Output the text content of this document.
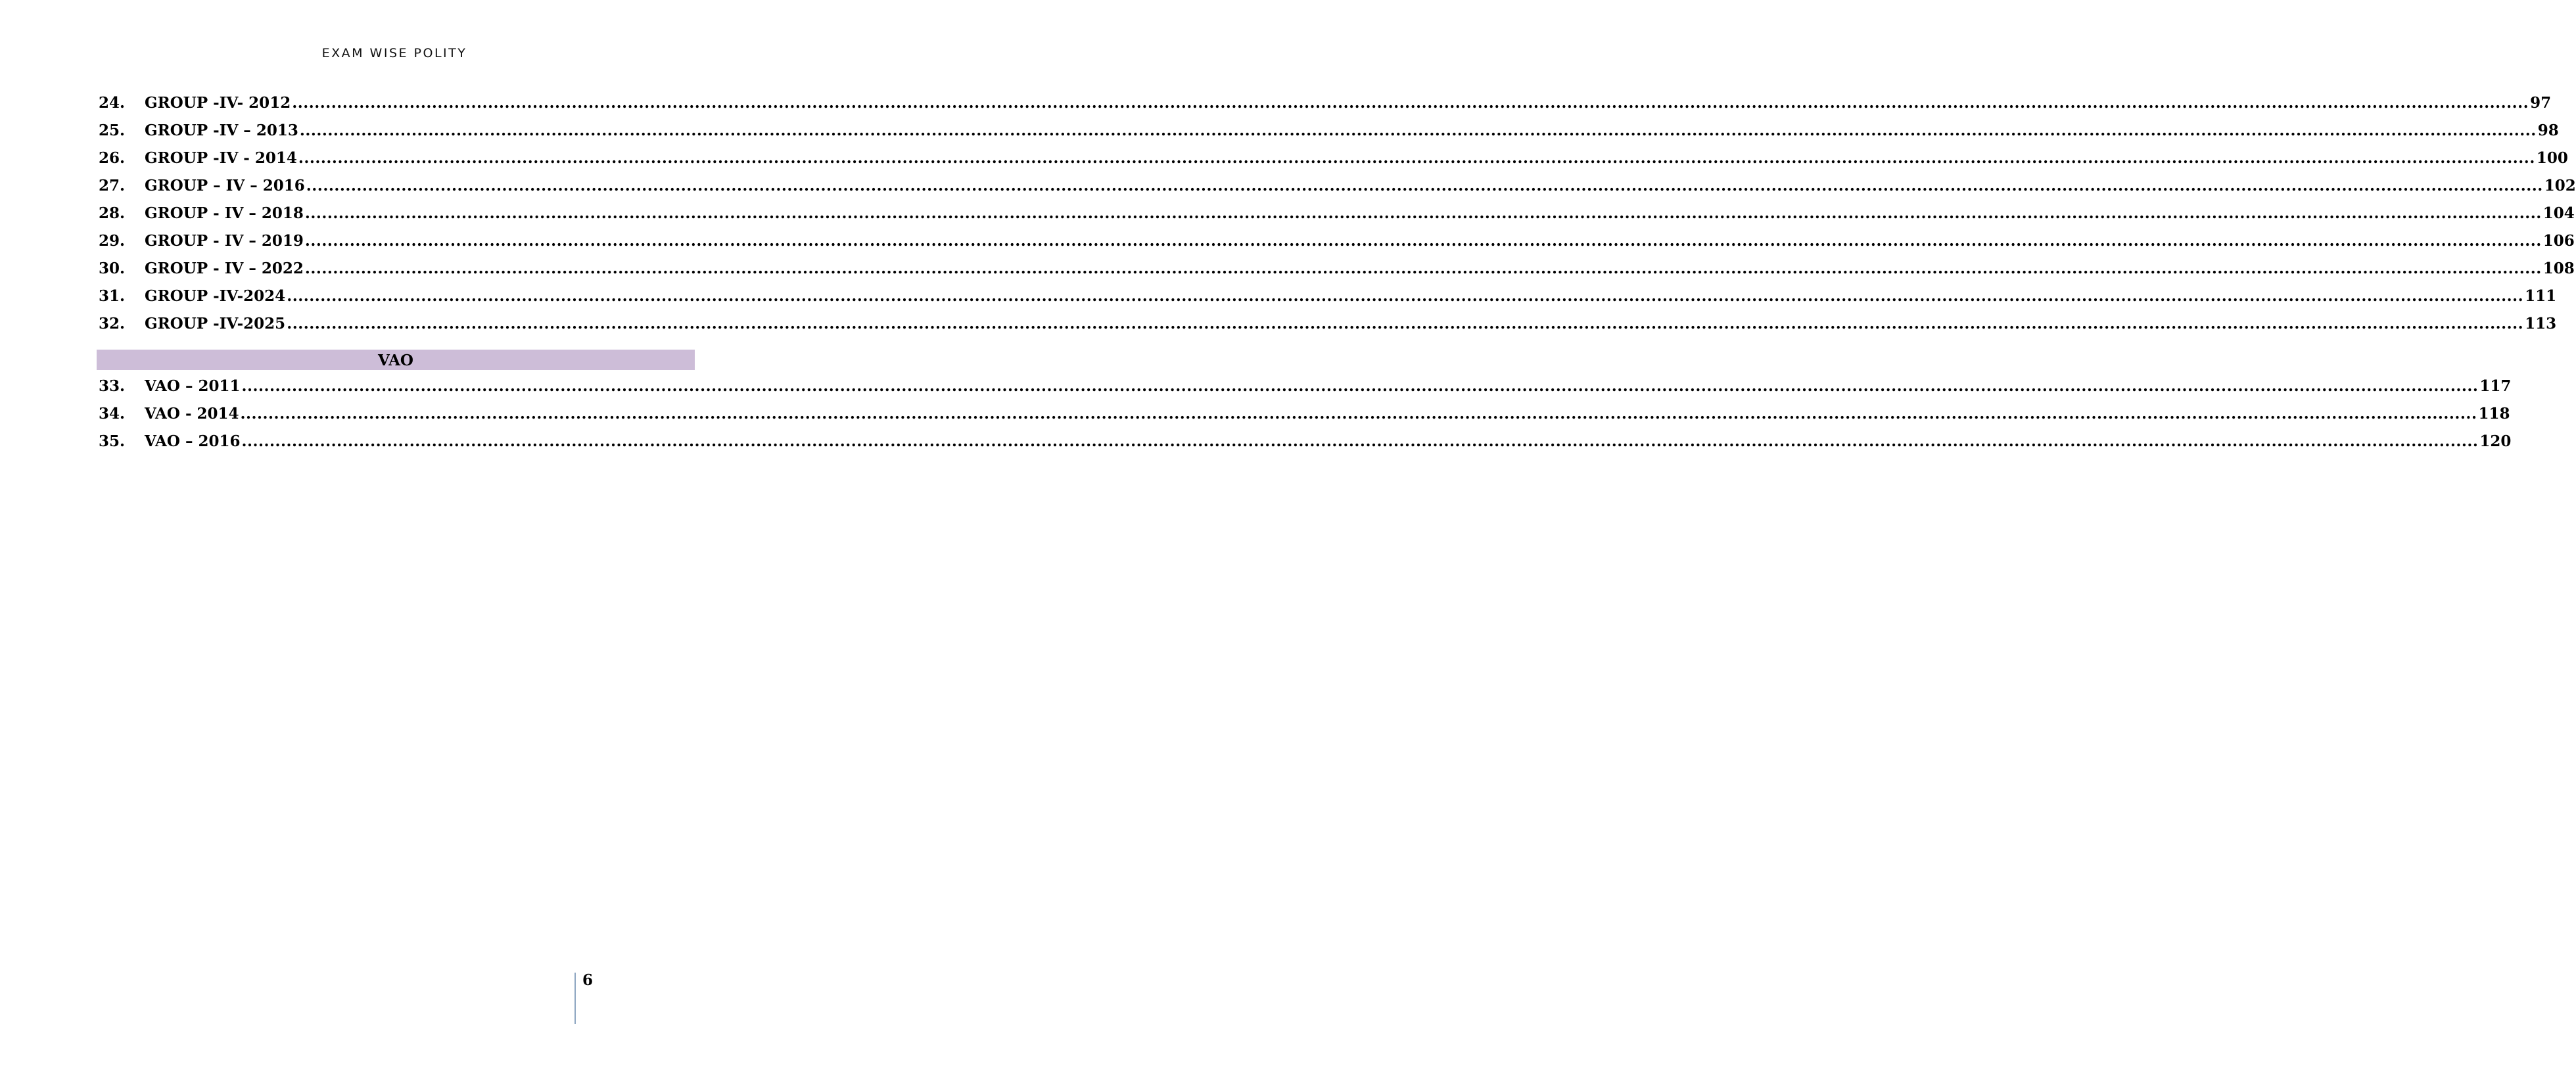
EXAM WISE POLITY
24.	GROUP -IV- 2012 ................................................................................................................................................................................................................................................................................................................................................................................................................ 97
25.	GROUP -IV – 2013 ................................................................................................................................................................................................................................................................................................................................................................................................................ 98
26.	GROUP -IV - 2014 ................................................................................................................................................................................................................................................................................................................................................................................................................ 100
27.	GROUP – IV – 2016 ................................................................................................................................................................................................................................................................................................................................................................................................................ 102
28.	GROUP - IV – 2018 ................................................................................................................................................................................................................................................................................................................................................................................................................ 104
29.	GROUP - IV – 2019 ................................................................................................................................................................................................................................................................................................................................................................................................................ 106
30.	GROUP - IV – 2022 ................................................................................................................................................................................................................................................................................................................................................................................................................ 108
31.	GROUP -IV-2024 ................................................................................................................................................................................................................................................................................................................................................................................................................ 111
32.	GROUP -IV-2025 ................................................................................................................................................................................................................................................................................................................................................................................................................ 113
33.	VAO – 2011 ................................................................................................................................................................................................................................................................................................................................................................................................................ 117
34.	VAO - 2014 ................................................................................................................................................................................................................................................................................................................................................................................................................ 118
35.	VAO – 2016 ................................................................................................................................................................................................................................................................................................................................................................................................................ 120
VAO
6
